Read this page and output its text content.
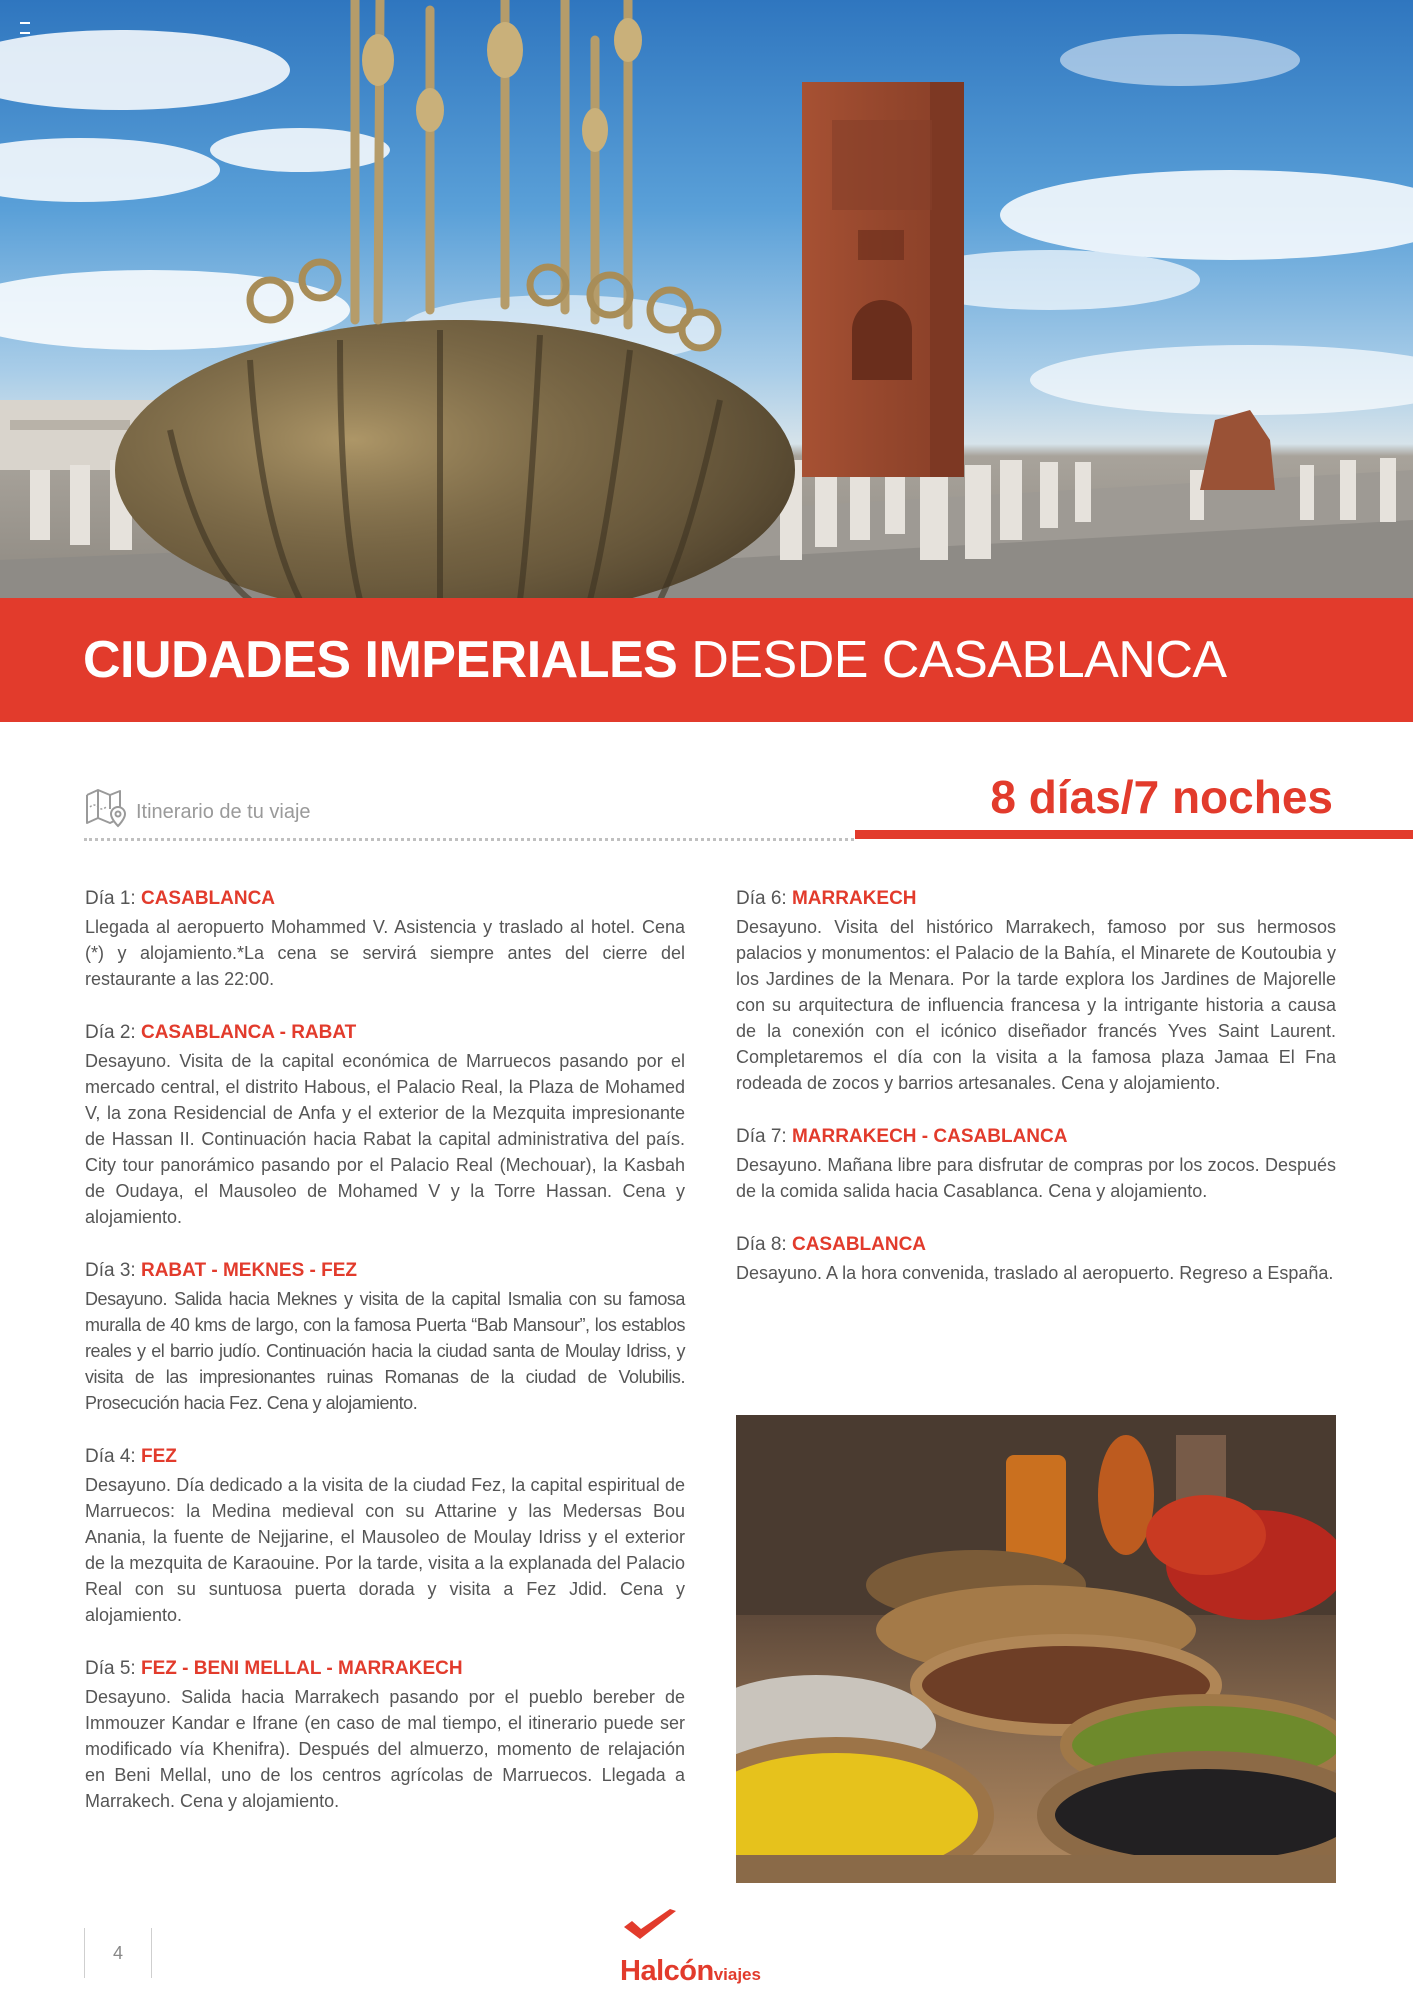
CIUDADES IMPERIALES DESDE CASABLANCA
Itinerario de tu viaje	8 días/7 noches

Día 1: CASABLANCA

Llegada al aeropuerto Mohammed V. Asistencia y traslado al hotel. Cena (*) y alojamiento.*La cena se servirá siempre antes del cierre del restaurante a las 22:00.

Día 2: CASABLANCA - RABAT

Desayuno. Visita de la capital económica de Marruecos pasando por el mercado central, el distrito Habous, el Palacio Real, la Plaza de Mohamed V, la zona Residencial de Anfa y el exterior de la Mezquita impresionante de Hassan II. Continuación hacia Rabat la capital administrativa del país. City tour panorámico pasando por el Palacio Real (Mechouar), la Kasbah de Oudaya, el Mausoleo de Mohamed V y la Torre Hassan. Cena y alojamiento.

Día 3: RABAT - MEKNES - FEZ

Desayuno. Salida hacia Meknes y visita de la capital Ismalia con su famosa muralla de 40 kms de largo, con la famosa Puerta “Bab Mansour”, los establos reales y el barrio judío. Continuación hacia la ciudad santa de Moulay Idriss, y visita de las impresionantes ruinas Romanas de la ciudad de Volubilis. Prosecución hacia Fez. Cena y alojamiento.

Día 4: FEZ

Desayuno. Día dedicado a la visita de la ciudad Fez, la capital espiritual de Marruecos: la Medina medieval con su Attarine y las Medersas Bou Anania, la fuente de Nejjarine, el Mausoleo de Moulay Idriss y el exterior de la mezquita de Karaouine. Por la tarde, visita a la explanada del Palacio Real con su suntuosa puerta dorada y visita a Fez Jdid. Cena y alojamiento.

Día 5: FEZ - BENI MELLAL - MARRAKECH

Desayuno. Salida hacia Marrakech pasando por el pueblo bereber de Immouzer Kandar e Ifrane (en caso de mal tiempo, el itinerario puede ser modificado vía Khenifra). Después del almuerzo, momento de relajación en Beni Mellal, uno de los centros agrícolas de Marruecos. Llegada a Marrakech. Cena y alojamiento.

Día 6: MARRAKECH

Desayuno. Visita del histórico Marrakech, famoso por sus hermosos palacios y monumentos: el Palacio de la Bahía, el Minarete de Koutoubia y los Jardines de la Menara. Por la tarde explora los Jardines de Majorelle con su arquitectura de influencia francesa y la intrigante historia a causa de la conexión con el icónico diseñador francés Yves Saint Laurent. Completaremos el día con la visita a la famosa plaza Jamaa El Fna rodeada de zocos y barrios artesanales. Cena y alojamiento.

Día 7: MARRAKECH - CASABLANCA

Desayuno. Mañana libre para disfrutar de compras por los zocos. Después de la comida salida hacia Casablanca. Cena y alojamiento.

Día 8: CASABLANCA

Desayuno. A la hora convenida, traslado al aeropuerto. Regreso a España.

4
Halcónviajes
